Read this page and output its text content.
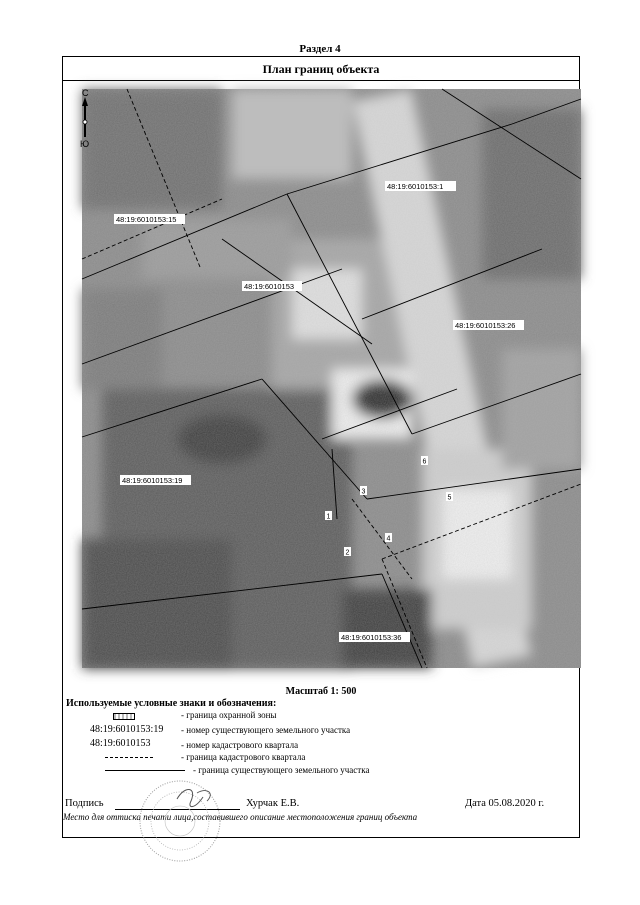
Раздел 4
План границ объекта
С
Ю
48:19:6010153:1
48:19:6010153:15
48:19:6010153
48:19:6010153:26
48:19:6010153:19
48:19:6010153:36
1
2
3
4
5
6
Масштаб 1: 500
Используемые условные знаки и обозначения:
- граница охранной зоны
48:19:6010153:19 - номер существующего земельного участка
48:19:6010153	- номер кадастрового квартала
- граница кадастрового квартала
- граница существующего земельного участка
Подпись	Хурчак Е.В.	Дата 05.08.2020 г.
Место для оттиска печати лица,составившего описание местоположения границ объекта
